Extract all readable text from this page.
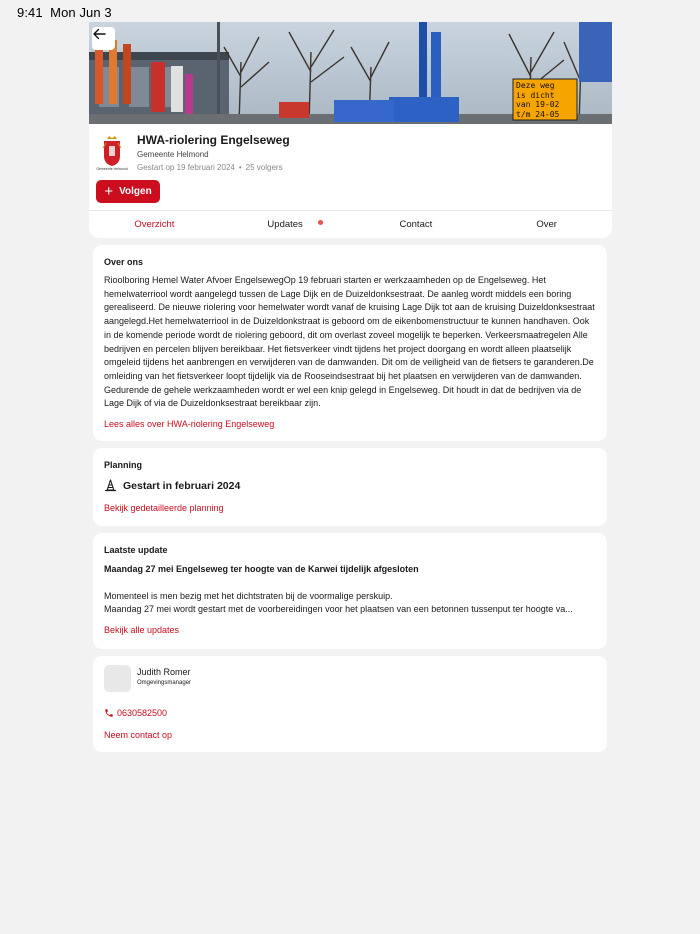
9:41 Mon Jun 3
Deze weg
is dicht
van 19-02
t/m 24-05
Gemeente Helmond
HWA-riolering Engelseweg
Gemeente Helmond
Gestart op 19 februari 2024 • 25 volgers
+ Volgen
Overzicht	Updates	Contact	Over
Over ons
Rioolboring Hemel Water Afvoer EngelsewegOp 19 februari starten er werkzaamheden op de Engelseweg. Het hemelwaterriool wordt aangelegd tussen de Lage Dijk en de Duizeldonksestraat. De aanleg wordt middels een boring gerealiseerd. De nieuwe riolering voor hemelwater wordt vanaf de kruising Lage Dijk tot aan de kruising Duizeldonksestraat aangelegd.Het hemelwaterriool in de Duizeldonkstraat is geboord om de eikenbomenstructuur te kunnen handhaven. Ook in de komende periode wordt de riolering geboord, dit om overlast zoveel mogelijk te beperken. Verkeersmaatregelen Alle bedrijven en percelen blijven bereikbaar. Het fietsverkeer vindt tijdens het project doorgang en wordt alleen plaatselijk omgeleid tijdens het aanbrengen en verwijderen van de damwanden. Dit om de veiligheid van de fietsers te garanderen.De omleiding van het fietsverkeer loopt tijdelijk via de Rooseindsestraat bij het plaatsen en verwijderen van de damwanden. Gedurende de gehele werkzaamheden wordt er wel een knip gelegd in Engelseweg. Dit houdt in dat de bedrijven via de Lage Dijk of via de Duizeldonksestraat bereikbaar zijn.
Lees alles over HWA-riolering Engelseweg
Planning
Gestart in februari 2024
Bekijk gedetailleerde planning
Laatste update
Maandag 27 mei Engelseweg ter hoogte van de Karwei tijdelijk afgesloten
Momenteel is men bezig met het dichtstraten bij de voormalige perskuip.
Maandag 27 mei wordt gestart met de voorbereidingen voor het plaatsen van een betonnen tussenput ter hoogte va...
Bekijk alle updates
Judith Romer
Omgevingsmanager
0630582500
Neem contact op
